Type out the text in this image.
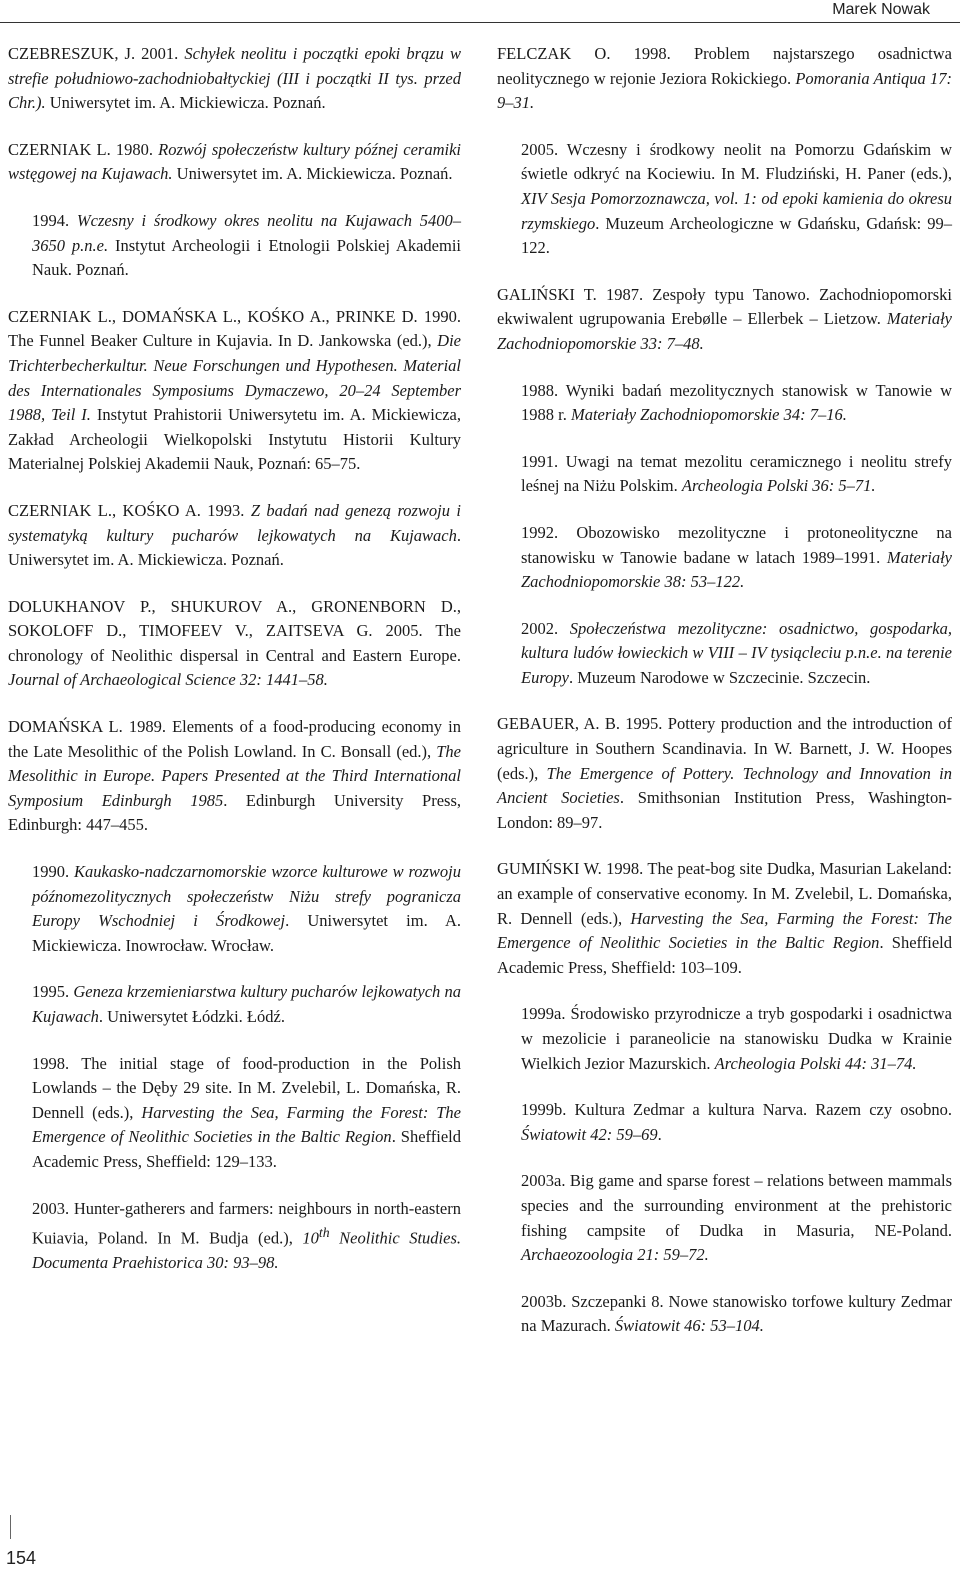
Marek Nowak

CZEBRESZUK, J. 2001. Schyłek neolitu i początki epoki brązu w strefie południowo-zachodniobałtyckiej (III i początki II tys. przed Chr.). Uniwersytet im. A. Mickiewicza. Poznań.

CZERNIAK L. 1980. Rozwój społeczeństw kultury późnej ceramiki wstęgowej na Kujawach. Uniwersytet im. A. Mickiewicza. Poznań.

1994. Wczesny i środkowy okres neolitu na Kujawach 5400–3650 p.n.e. Instytut Archeologii i Etnologii Polskiej Akademii Nauk. Poznań.

CZERNIAK L., DOMAŃSKA L., KOŚKO A., PRINKE D. 1990. The Funnel Beaker Culture in Kujavia. In D. Jankowska (ed.), Die Trichterbecherkultur. Neue Forschungen und Hypothesen. Material des Internationales Symposiums Dymaczewo, 20–24 September 1988, Teil I. Instytut Prahistorii Uniwersytetu im. A. Mickiewicza, Zakład Archeologii Wielkopolski Instytutu Historii Kultury Materialnej Polskiej Akademii Nauk, Poznań: 65–75.

CZERNIAK L., KOŚKO A. 1993. Z badań nad genezą rozwoju i systematyką kultury pucharów lejkowatych na Kujawach. Uniwersytet im. A. Mickiewicza. Poznań.

DOLUKHANOV P., SHUKUROV A., GRONENBORN D., SOKOLOFF D., TIMOFEEV V., ZAITSEVA G. 2005. The chronology of Neolithic dispersal in Central and Eastern Europe. Journal of Archaeological Science 32: 1441–58.

DOMAŃSKA L. 1989. Elements of a food-producing economy in the Late Mesolithic of the Polish Lowland. In C. Bonsall (ed.), The Mesolithic in Europe. Papers Presented at the Third International Symposium Edinburgh 1985. Edinburgh University Press, Edinburgh: 447–455.

1990. Kaukasko-nadczarnomorskie wzorce kulturowe w rozwoju późnomezolitycznych społeczeństw Niżu strefy pogranicza Europy Wschodniej i Środkowej. Uniwersytet im. A. Mickiewicza. Inowrocław. Wrocław.

1995. Geneza krzemieniarstwa kultury pucharów lejkowatych na Kujawach. Uniwersytet Łódzki. Łódź.

1998. The initial stage of food-production in the Polish Lowlands – the Dęby 29 site. In M. Zvelebil, L. Domańska, R. Dennell (eds.), Harvesting the Sea, Farming the Forest: The Emergence of Neolithic Societies in the Baltic Region. Sheffield Academic Press, Sheffield: 129–133.

2003. Hunter-gatherers and farmers: neighbours in north-eastern Kuiavia, Poland. In M. Budja (ed.), 10th Neolithic Studies. Documenta Praehistorica 30: 93–98.

FELCZAK O. 1998. Problem najstarszego osadnictwa neolitycznego w rejonie Jeziora Rokickiego. Pomorania Antiqua 17: 9–31.

2005. Wczesny i środkowy neolit na Pomorzu Gdańskim w świetle odkryć na Kociewiu. In M. Fludziński, H. Paner (eds.), XIV Sesja Pomorzoznawcza, vol. 1: od epoki kamienia do okresu rzymskiego. Muzeum Archeologiczne w Gdańsku, Gdańsk: 99–122.

GALIŃSKI T. 1987. Zespoły typu Tanowo. Zachodniopomorski ekwiwalent ugrupowania Erebølle – Ellerbek – Lietzow. Materiały Zachodniopomorskie 33: 7–48.

1988. Wyniki badań mezolitycznych stanowisk w Tanowie w 1988 r. Materiały Zachodniopomorskie 34: 7–16.

1991. Uwagi na temat mezolitu ceramicznego i neolitu strefy leśnej na Niżu Polskim. Archeologia Polski 36: 5–71.

1992. Obozowisko mezolityczne i protoneolityczne na stanowisku w Tanowie badane w latach 1989–1991. Materiały Zachodniopomorskie 38: 53–122.

2002. Społeczeństwa mezolityczne: osadnictwo, gospodarka, kultura ludów łowieckich w VIII – IV tysiącleciu p.n.e. na terenie Europy. Muzeum Narodowe w Szczecinie. Szczecin.

GEBAUER, A. B. 1995. Pottery production and the introduction of agriculture in Southern Scandinavia. In W. Barnett, J. W. Hoopes (eds.), The Emergence of Pottery. Technology and Innovation in Ancient Societies. Smithsonian Institution Press, Washington-London: 89–97.

GUMIŃSKI W. 1998. The peat-bog site Dudka, Masurian Lakeland: an example of conservative economy. In M. Zvelebil, L. Domańska, R. Dennell (eds.), Harvesting the Sea, Farming the Forest: The Emergence of Neolithic Societies in the Baltic Region. Sheffield Academic Press, Sheffield: 103–109.

1999a. Środowisko przyrodnicze a tryb gospodarki i osadnictwa w mezolicie i paraneolicie na stanowisku Dudka w Krainie Wielkich Jezior Mazurskich. Archeologia Polski 44: 31–74.

1999b. Kultura Zedmar a kultura Narva. Razem czy osobno. Światowit 42: 59–69.

2003a. Big game and sparse forest – relations between mammals species and the surrounding environment at the prehistoric fishing campsite of Dudka in Masuria, NE-Poland. Archaeozoologia 21: 59–72.

2003b. Szczepanki 8. Nowe stanowisko torfowe kultury Zedmar na Mazurach. Światowit 46: 53–104.

154
